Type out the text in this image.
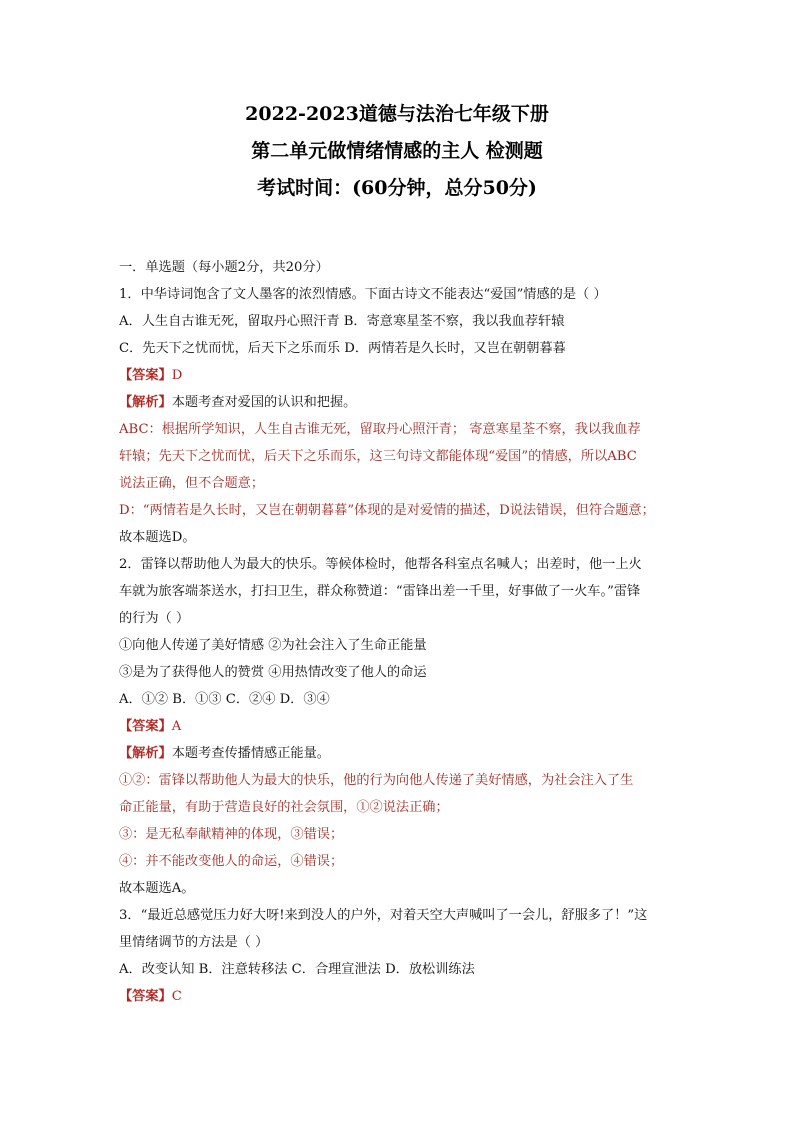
2022-2023道德与法治七年级下册
第二单元做情绪情感的主人 检测题
考试时间：(60分钟，总分50分)
一．单选题（每小题2分，共20分）
1．中华诗词饱含了文人墨客的浓烈情感。下面古诗文不能表达“爱国”情感的是（ ）
A．人生自古谁无死，留取丹心照汗青 B．寄意寒星荃不察，我以我血荐轩辕
C．先天下之忧而忧，后天下之乐而乐 D．两情若是久长时，又岂在朝朝暮暮
【答案】D
【解析】本题考查对爱国的认识和把握。
ABC：根据所学知识，人生自古谁无死，留取丹心照汗青； 寄意寒星荃不察，我以我血荐
轩辕；先天下之忧而忧，后天下之乐而乐，这三句诗文都能体现“爱国”的情感，所以ABC
说法正确，但不合题意；
D：“两情若是久长时，又岂在朝朝暮暮”体现的是对爱情的描述，D说法错误，但符合题意；
故本题选D。
2．雷锋以帮助他人为最大的快乐。等候体检时，他帮各科室点名喊人；出差时，他一上火
车就为旅客端茶送水，打扫卫生，群众称赞道：“雷锋出差一千里，好事做了一火车。”雷锋
的行为（ ）
①向他人传递了美好情感 ②为社会注入了生命正能量
③是为了获得他人的赞赏 ④用热情改变了他人的命运
A．①② B．①③ C．②④ D．③④
【答案】A
【解析】本题考查传播情感正能量。
①②：雷锋以帮助他人为最大的快乐，他的行为向他人传递了美好情感，为社会注入了生
命正能量，有助于营造良好的社会氛围，①②说法正确；
③：是无私奉献精神的体现，③错误；
④：并不能改变他人的命运，④错误；
故本题选A。
3．“最近总感觉压力好大呀!来到没人的户外，对着天空大声喊叫了一会儿，舒服多了！”这
里情绪调节的方法是（ ）
A．改变认知 B．注意转移法 C．合理宣泄法 D．放松训练法
【答案】C
